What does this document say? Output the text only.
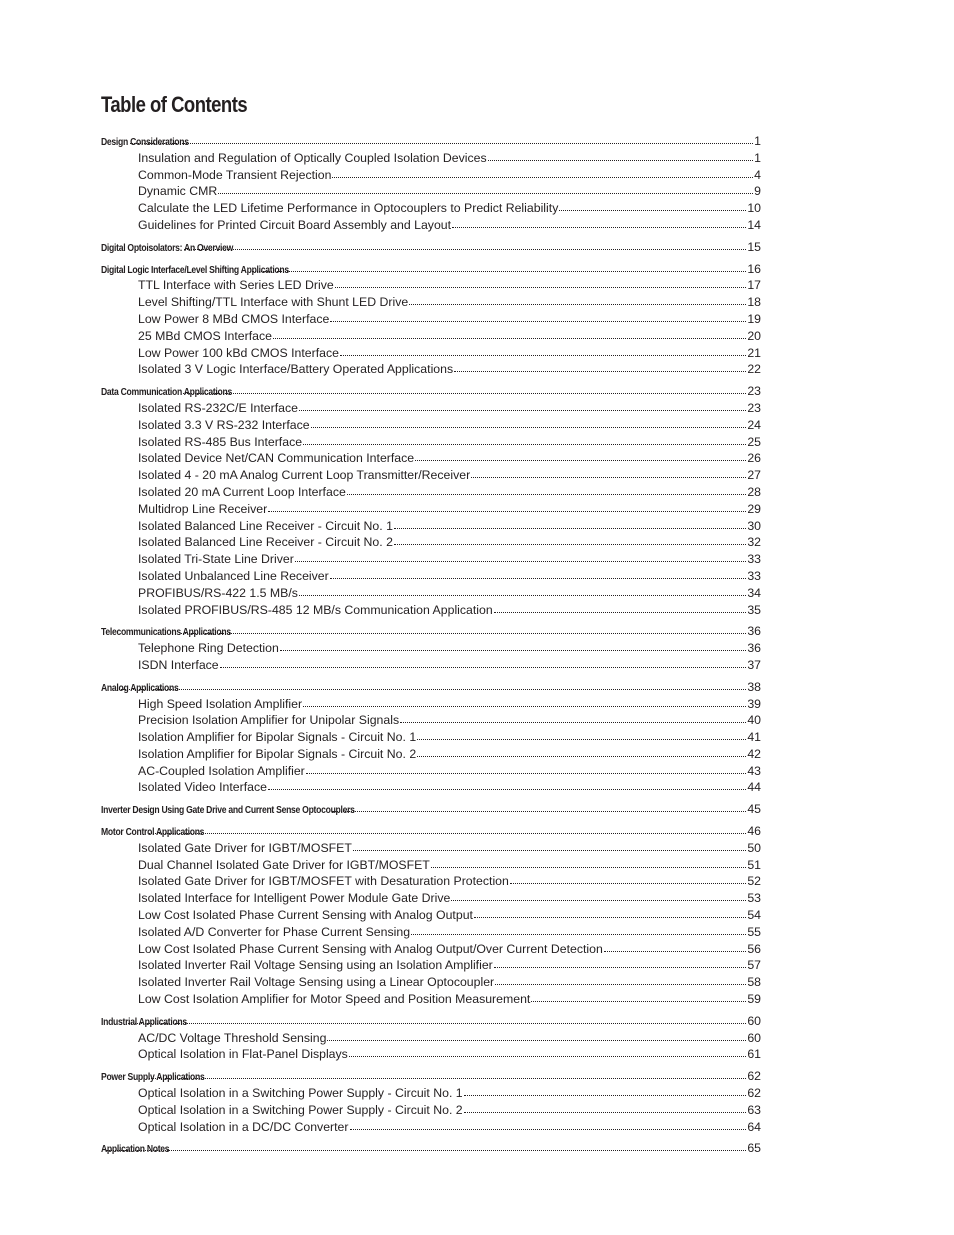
Table of Contents
Design Considerations	1
Insulation and Regulation of Optically Coupled Isolation Devices	1
Common-Mode Transient Rejection	4
Dynamic CMR	9
Calculate the LED Lifetime Performance in Optocouplers to Predict Reliability	10
Guidelines for Printed Circuit Board Assembly and Layout	14
Digital Optoisolators: An Overview	15
Digital Logic Interface/Level Shifting Applications	16
TTL Interface with Series LED Drive	17
Level Shifting/TTL Interface with Shunt LED Drive	18
Low Power 8 MBd CMOS Interface	19
25 MBd CMOS Interface	20
Low Power 100 kBd CMOS Interface	21
Isolated 3 V Logic Interface/Battery Operated Applications	22
Data Communication Applications	23
Isolated RS-232C/E Interface	23
Isolated 3.3 V RS-232 Interface	24
Isolated RS-485 Bus Interface	25
Isolated Device Net/CAN Communication Interface	26
Isolated 4 - 20 mA Analog Current Loop Transmitter/Receiver	27
Isolated 20 mA Current Loop Interface	28
Multidrop Line Receiver	29
Isolated Balanced Line Receiver - Circuit No. 1	30
Isolated Balanced Line Receiver - Circuit No. 2	32
Isolated Tri-State Line Driver	33
Isolated Unbalanced Line Receiver	33
PROFIBUS/RS-422 1.5 MB/s	34
Isolated PROFIBUS/RS-485 12 MB/s Communication Application	35
Telecommunications Applications	36
Telephone Ring Detection	36
ISDN Interface	37
Analog Applications	38
High Speed Isolation Amplifier	39
Precision Isolation Amplifier for Unipolar Signals	40
Isolation Amplifier for Bipolar Signals - Circuit No. 1	41
Isolation Amplifier for Bipolar Signals - Circuit No. 2	42
AC-Coupled Isolation Amplifier	43
Isolated Video Interface	44
Inverter Design Using Gate Drive and Current Sense Optocouplers	45
Motor Control Applications	46
Isolated Gate Driver for IGBT/MOSFET	50
Dual Channel Isolated Gate Driver for IGBT/MOSFET	51
Isolated Gate Driver for IGBT/MOSFET with Desaturation Protection	52
Isolated Interface for Intelligent Power Module Gate Drive	53
Low Cost Isolated Phase Current Sensing with Analog Output	54
Isolated A/D Converter for Phase Current Sensing	55
Low Cost Isolated Phase Current Sensing with Analog Output/Over Current Detection	56
Isolated Inverter Rail Voltage Sensing using an Isolation Amplifier	57
Isolated Inverter Rail Voltage Sensing using a Linear Optocoupler	58
Low Cost Isolation Amplifier for Motor Speed and Position Measurement	59
Industrial Applications	60
AC/DC Voltage Threshold Sensing	60
Optical Isolation in Flat-Panel Displays	61
Power Supply Applications	62
Optical Isolation in a Switching Power Supply - Circuit No. 1	62
Optical Isolation in a Switching Power Supply - Circuit No. 2	63
Optical Isolation in a DC/DC Converter	64
Application Notes	65
